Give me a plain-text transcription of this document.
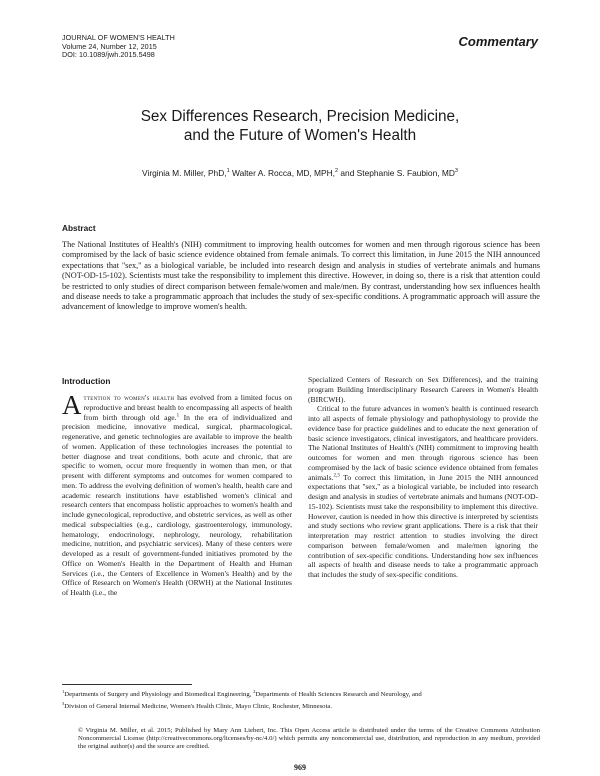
JOURNAL OF WOMEN'S HEALTH
Volume 24, Number 12, 2015
DOI: 10.1089/jwh.2015.5498
Commentary
Sex Differences Research, Precision Medicine,
and the Future of Women's Health
Virginia M. Miller, PhD,$^1$ Walter A. Rocca, MD, MPH,$^2$ and Stephanie S. Faubion, $MD^3$
Abstract
The National Institutes of Health's (NIH) commitment to improving health outcomes for women and men through rigorous science has been compromised by the lack of basic science evidence obtained from female animals. To correct this limitation, in June 2015 the NIH announced expectations that ''sex,'' as a biological variable, be included into research design and analysis in studies of vertebrate animals and humans (NOT-OD-15-102). Scientists must take the responsibility to implement this directive. However, in doing so, there is a risk that attention could be restricted to only studies of direct comparison between female/women and male/men. By contrast, understanding how sex influences health and disease needs to take a programmatic approach that includes the study of sex-specific conditions. A programmatic approach will assure the advancement of knowledge to improve women's health.
Introduction

Attention to women's health has evolved from a limited focus on reproductive and breast health to encompassing all aspects of health from birth through old age.$^1$ In the era of individualized and precision medicine, innovative medical, surgical, pharmacological, regenerative, and genetic technologies are available to improve the health of women. Application of these technologies increases the potential to better diagnose and treat conditions, both acute and chronic, that are specific to women, occur more frequently in women than men, or that present with different symptoms and outcomes for women compared to men. To address the evolving definition of women's health, health care and academic research institutions have established women's clinical and research centers that encompass holistic approaches to women's health and include gynecological, reproductive, and obstetric services, as well as other medical subspecialties (e.g., cardiology, gastroenterology, immunology, hematology, endocrinology, nephrology, neurology, rehabilitation medicine, nutrition, and psychiatric services). Many of these centers were developed as a result of government-funded initiatives promoted by the Office on Women's Health in the Department of Health and Human Services (i.e., the Centers of Excellence in Women's Health) and by the Office of Research on Women's Health (ORWH) at the National Institutes of Health (i.e., the

Specialized Centers of Research on Sex Differences), and the training program Building Interdisciplinary Research Careers in Women's Health (BIRCWH).

Critical to the future advances in women's health is continued research into all aspects of female physiology and pathophysiology to provide the evidence base for practice guidelines and to educate the next generation of basic science investigators, clinical investigators, and healthcare providers. The National Institutes of Health's (NIH) commitment to improving health outcomes for women and men through rigorous science has been compromised by the lack of basic science evidence obtained from females animals.$^{2,3}$ To correct this limitation, in June 2015 the NIH announced expectations that ''sex,'' as a biological variable, be included into research design and analysis in studies of vertebrate animals and humans (NOT-OD-15-102). Scientists must take the responsibility to implement this directive. However, caution is needed in how this directive is interpreted by scientists and study sections who review grant applications. There is a risk that their interpretation may restrict attention to studies involving the direct comparison between female/women and male/men ignoring the contribution of sex-specific conditions. Understanding how sex influences all aspects of health and disease needs to take a programmatic approach that includes the study of sex-specific conditions.

$^1$Departments of Surgery and Physiology and Biomedical Engineering, $^2$Departments of Health Sciences Research and Neurology, and
$^3$Division of General Internal Medicine, Women's Health Clinic, Mayo Clinic, Rochester, Minnesota.
© Virginia M. Miller, et al. 2015; Published by Mary Ann Liebert, Inc. This Open Access article is distributed under the terms of the Creative Commons Attribution Noncommercial License (http://creativecommons.org/licenses/by-nc/4.0/) which permits any noncommercial use, distribution, and reproduction in any medium, provided the original author(s) and the source are credited.
969
